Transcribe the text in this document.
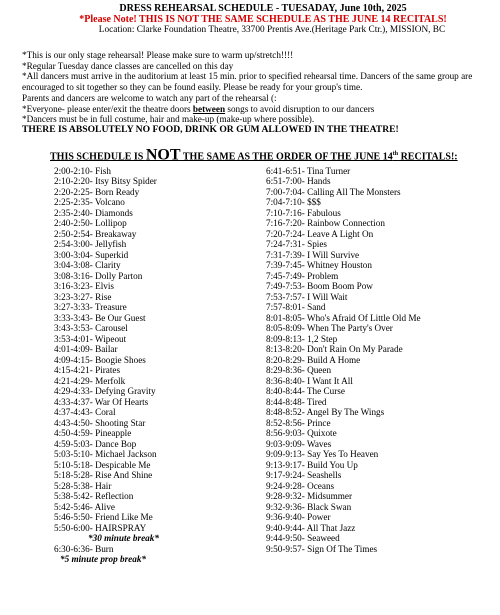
DRESS REHEARSAL SCHEDULE - TUESADAY, June 10th, 2025
*Please Note! THIS IS NOT THE SAME SCHEDULE AS THE JUNE 14 RECITALS!
Location: Clarke Foundation Theatre, 33700 Prentis Ave.(Heritage Park Ctr.), MISSION, BC

*This is our only stage rehearsal! Please make sure to warm up/stretch!!!!

*Regular Tuesday dance classes are cancelled on this day

*All dancers must arrive in the auditorium at least 15 min. prior to specified rehearsal time. Dancers of the same group are encouraged to sit together so they can be found easily. Please be ready for your group's time.

Parents and dancers are welcome to watch any part of the rehearsal (:

*Everyone- please enter/exit the theatre doors between songs to avoid disruption to our dancers

*Dancers must be in full costume, hair and make-up (make-up where possible).

THERE IS ABSOLUTELY NO FOOD, DRINK OR GUM ALLOWED IN THE THEATRE!

THIS SCHEDULE IS NOT THE SAME AS THE ORDER OF THE JUNE 14th RECITALS!:
2:00-2:10- Fish
2:10-2:20- Itsy Bitsy Spider
2:20-2:25- Born Ready
2:25-2:35- Volcano
2:35-2:40- Diamonds
2:40-2:50- Lollipop
2:50-2:54- Breakaway
2:54-3:00- Jellyfish
3:00-3:04- Superkid
3:04-3:08- Clarity
3:08-3:16- Dolly Parton
3:16-3:23- Elvis
3:23-3:27- Rise
3:27-3:33- Treasure
3:33-3:43- Be Our Guest
3:43-3:53- Carousel
3:53-4:01- Wipeout
4:01-4:09- Bailar
4:09-4:15- Boogie Shoes
4:15-4:21- Pirates
4:21-4:29- Merfolk
4:29-4:33- Defying Gravity
4:33-4:37- War Of Hearts
4:37-4:43- Coral
4:43-4:50- Shooting Star
4:50-4:59- Pineapple
4:59-5:03- Dance Bop
5:03-5:10- Michael Jackson
5:10-5:18- Despicable Me
5:18-5:28- Rise And Shine
5:28-5:38- Hair
5:38-5:42- Reflection
5:42-5:46- Alive
5:46-5:50- Friend Like Me
5:50-6:00- HAIRSPRAY
*30 minute break*
6:30-6:36- Burn
*5 minute prop break*
6:41-6:51- Tina Turner
6:51-7:00- Hands
7:00-7:04- Calling All The Monsters
7:04-7:10- $$$
7:10-7:16- Fabulous
7:16-7:20- Rainbow Connection
7:20-7:24- Leave A Light On
7:24-7:31- Spies
7:31-7:39- I Will Survive
7:39-7:45- Whitney Houston
7:45-7:49- Problem
7:49-7:53- Boom Boom Pow
7:53-7:57- I Will Wait
7:57-8:01- Sand
8:01-8:05- Who's Afraid Of Little Old Me
8:05-8:09- When The Party's Over
8:09-8:13- 1,2 Step
8:13-8:20- Don't Rain On My Parade
8:20-8:29- Build A Home
8:29-8:36- Queen
8:36-8:40- I Want It All
8:40-8:44- The Curse
8:44-8:48- Tired
8:48-8:52- Angel By The Wings
8:52-8:56- Prince
8:56-9:03- Quixote
9:03-9:09- Waves
9:09-9:13- Say Yes To Heaven
9:13-9:17- Build You Up
9:17-9:24- Seashells
9:24-9:28- Oceans
9:28-9:32- Midsummer
9:32-9:36- Black Swan
9:36-9:40- Power
9:40-9:44- All That Jazz
9:44-9:50- Seaweed
9:50-9:57- Sign Of The Times
